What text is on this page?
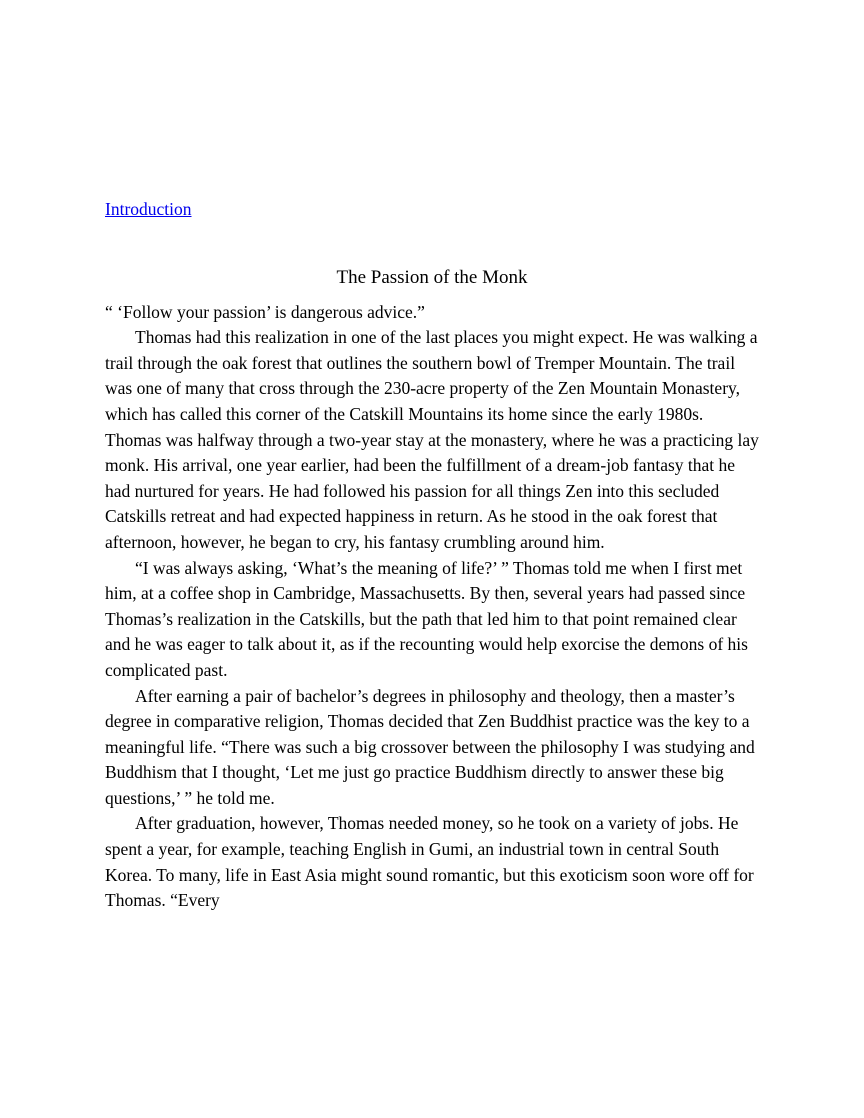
Introduction
The Passion of the Monk

“ ‘Follow your passion’ is dangerous advice.”

Thomas had this realization in one of the last places you might expect. He was walking a trail through the oak forest that outlines the southern bowl of Tremper Mountain. The trail was one of many that cross through the 230-acre property of the Zen Mountain Monastery, which has called this corner of the Catskill Mountains its home since the early 1980s. Thomas was halfway through a two-year stay at the monastery, where he was a practicing lay monk. His arrival, one year earlier, had been the fulfillment of a dream-job fantasy that he had nurtured for years. He had followed his passion for all things Zen into this secluded Catskills retreat and had expected happiness in return. As he stood in the oak forest that afternoon, however, he began to cry, his fantasy crumbling around him.

“I was always asking, ‘What’s the meaning of life?’ ” Thomas told me when I first met him, at a coffee shop in Cambridge, Massachusetts. By then, several years had passed since Thomas’s realization in the Catskills, but the path that led him to that point remained clear and he was eager to talk about it, as if the recounting would help exorcise the demons of his complicated past.

After earning a pair of bachelor’s degrees in philosophy and theology, then a master’s degree in comparative religion, Thomas decided that Zen Buddhist practice was the key to a meaningful life. “There was such a big crossover between the philosophy I was studying and Buddhism that I thought, ‘Let me just go practice Buddhism directly to answer these big questions,’ ” he told me.

After graduation, however, Thomas needed money, so he took on a variety of jobs. He spent a year, for example, teaching English in Gumi, an industrial town in central South Korea. To many, life in East Asia might sound romantic, but this exoticism soon wore off for Thomas. “Every
